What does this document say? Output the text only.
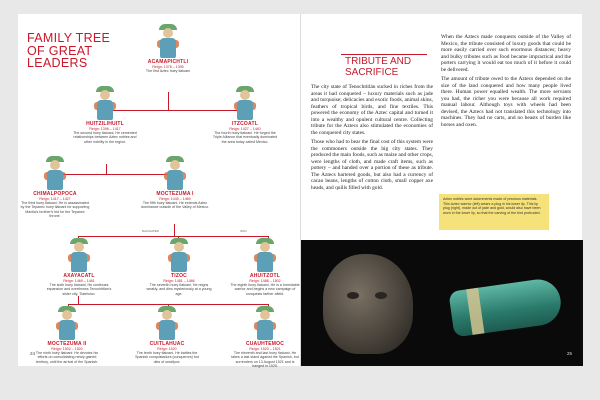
FAMILY TREE
OF GREAT
LEADERS
DAUGHTER	SON
ACAMAPICHTLI
Reign: 1376 – 1395
The first Aztec huey tlatoani
HUITZILIHUITL
Reign: 1396 – 1417
The second huey tlatoani. He cemented relationships between Aztec nobles and other nobility in the region.
ITZCOATL
Reign: 1427 – 1440
The fourth huey tlatoani. He forged the Triple Alliance that eventually dominated the area today called Mexico.
CHIMALPOPOCA
Reign: 1417 – 1427
The third huey tlatoani. He is assassinated by the Tepanec huey tlatoani for supporting Maxtla's brother's bid for the Tepanec throne.
MOCTEZUMA I
Reign: 1440 – 1469
The fifth huey tlatoani. He extends Aztec dominance outside of the Valley of Mexico.
AXAYACATL
Reign: 1469 – 1481
The sixth huey tlatoani. He continues expansion and overthrows Tenochtitlan's sister city, Tlatelolco.
TIZOC
Reign: 1481 – 1486
The seventh huey tlatoani. He reigns weakly, and dies mysteriously at a young age.
AHUITZOTL
Reign: 1486 – 1502
The eighth huey tlatoani. He is a formidable warrior and begins a new campaign of conquests farther afield.
MOCTEZUMA II
Reign: 1502 – 1520
The ninth huey tlatoani. He devotes his efforts on consolidating newly gained territory, until the arrival of the Spanish.
CUITLAHUAC
Reign: 1520
The tenth huey tlatoani. He battles the Spanish conquistadors (conquerors) but dies of smallpox.
CUAUHTEMOC
Reign: 1520 – 1521
The eleventh and last huey tlatoani. He takes a last stand against the Spanish, but surrenders on 13 August 1521 and is hanged in 1525.
24
TRIBUTE AND
SACRIFICE

The city state of Tenochtitlán sucked in riches from the areas it had conquered – luxury materials such as jade and turquoise; delicacies and exotic foods, animal skins, feathers of tropical birds, and fine textiles. This powered the economy of the Aztec capital and turned it into a wealthy and opulent cultural centre. Collecting tribute for the Aztecs also stimulated the economies of the conquered city states.

Those who had to bear the final cost of this system were the commoners outside the big city states. They produced the main foods, such as maize and other crops, were lengths of cloth, and made craft items, such as pottery – and handed over a portion of these as tribute. The Aztecs bartered goods, but also had a currency of cacao beans, lengths of cotton cloth, small copper axe heads, and quills filled with gold.

When the Aztecs made conquests outside of the Valley of Mexico, the tribute consisted of luxury goods that could be more easily carried over such enormous distances; heavy and bulky tributes such as food became impractical and the porters carrying it would eat too much of it before it could be delivered.

The amount of tribute owed to the Aztecs depended on the size of the land conquered and how many people lived there. Human power equalled wealth. The more servants you had, the richer you were because all work required manual labour. Although toys with wheels had been devised, the Aztecs had not translated this technology into machines. They had no carts, and no beasts of burden like horses and oxen.

Aztec nobles wore adornments made of precious materials. This Aztec warrior (left) wears a plug in his lower lip. This lip plug (right), made out of jade and gold, would also have been worn in the lower lip, so that the carving of the bird protruded.
25
